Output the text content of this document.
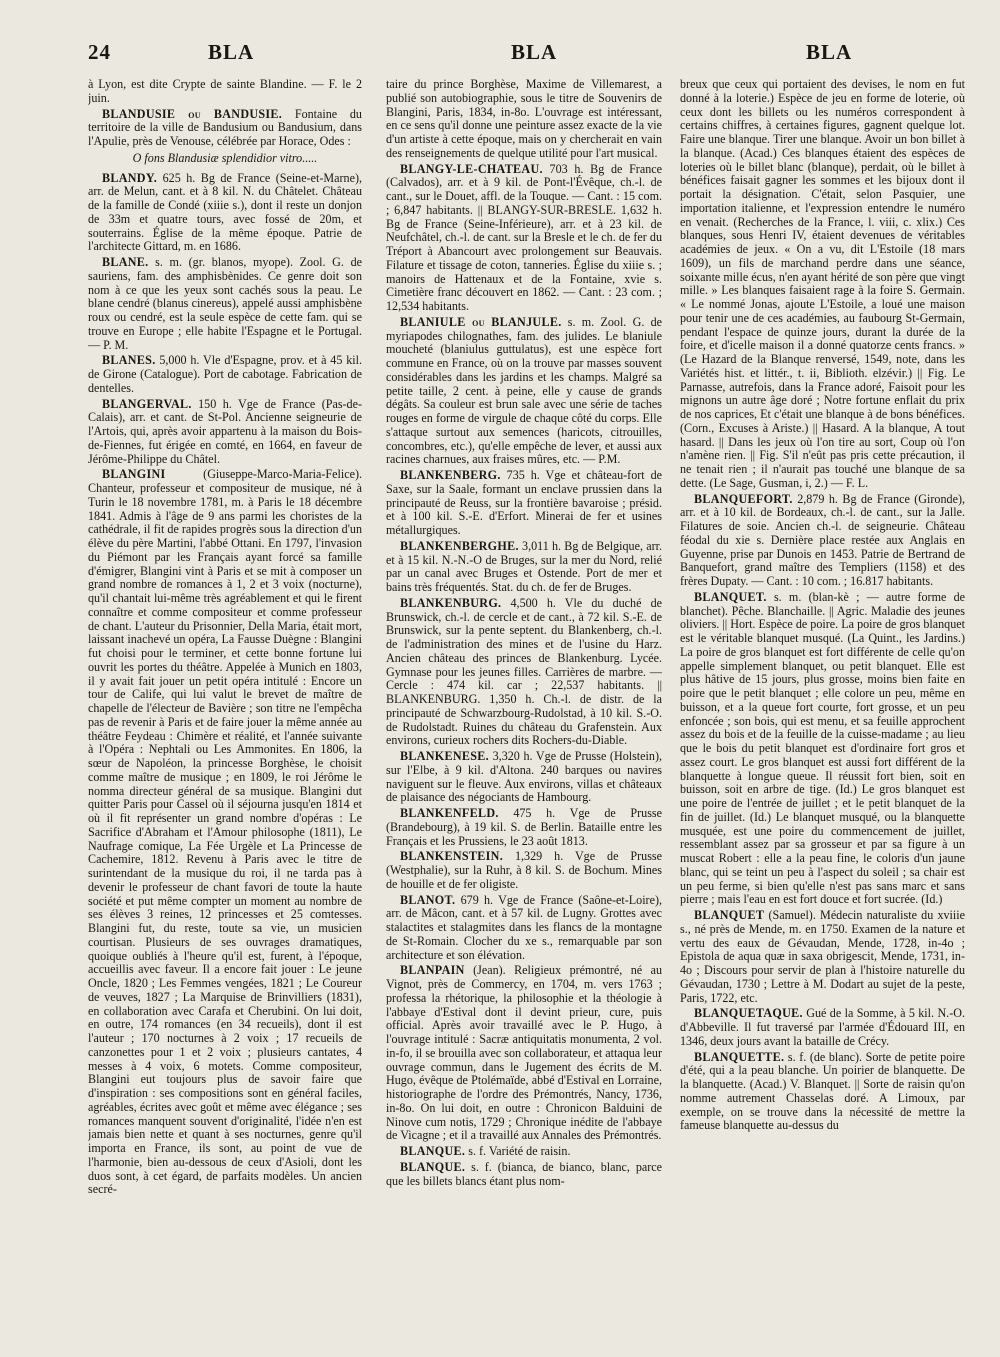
24	BLA	BLA	BLA

à Lyon, est dite Crypte de sainte Blandine. — F. le 2 juin.

BLANDUSIE ou BANDUSIE. Fontaine du territoire de la ville de Bandusium ou Bandusium, dans l'Apulie, près de Venouse, célébrée par Horace, Odes :

O fons Blandusiæ splendidior vitro.....

BLANDY. 625 h. Bg de France (Seine-et-Marne), arr. de Melun, cant. et à 8 kil. N. du Châtelet. Château de la famille de Condé (xiiie s.), dont il reste un donjon de 33m et quatre tours, avec fossé de 20m, et souterrains. Église de la même époque. Patrie de l'architecte Gittard, m. en 1686.

BLANE. s. m. (gr. blanos, myope). Zool. G. de sauriens, fam. des amphisbènides. Ce genre doit son nom à ce que les yeux sont cachés sous la peau. Le blane cendré (blanus cinereus), appelé aussi amphisbène roux ou cendré, est la seule espèce de cette fam. qui se trouve en Europe ; elle habite l'Espagne et le Portugal. — P. M.

BLANES. 5,000 h. Vle d'Espagne, prov. et à 45 kil. de Girone (Catalogue). Port de cabotage. Fabrication de dentelles.

BLANGERVAL. 150 h. Vge de France (Pas-de-Calais), arr. et cant. de St-Pol. Ancienne seigneurie de l'Artois, qui, après avoir appartenu à la maison du Bois-de-Fiennes, fut érigée en comté, en 1664, en faveur de Jérôme-Philippe du Châtel.

BLANGINI	(Giuseppe-Marco-Maria-Felice). Chanteur, professeur et compositeur de musique, né à Turin le 18 novembre 1781, m. à Paris le 18 décembre 1841. Admis à l'âge de 9 ans parmi les choristes de la cathédrale, il fit de rapides progrès sous la direction d'un élève du père Martini, l'abbé Ottani. En 1797, l'invasion du Piémont par les Français ayant forcé sa famille d'émigrer, Blangini vint à Paris et se mit à composer un grand nombre de romances à 1, 2 et 3 voix (nocturne), qu'il chantait lui-même très agréablement et qui le firent connaître et comme compositeur et comme professeur de chant. L'auteur du Prisonnier, Della Maria, était mort, laissant inachevé un opéra, La Fausse Duègne : Blangini fut choisi pour le terminer, et cette bonne fortune lui ouvrit les portes du théâtre. Appelée à Munich en 1803, il y avait fait jouer un petit opéra intitulé : Encore un tour de Calife, qui lui valut le brevet de maître de chapelle de l'électeur de Bavière ; son titre ne l'empêcha pas de revenir à Paris et de faire jouer la même année au théâtre Feydeau : Chimère et réalité, et l'année suivante à l'Opéra : Nephtali ou Les Ammonites. En 1806, la sœur de Napoléon, la princesse Borghèse, le choisit comme maître de musique ; en 1809, le roi Jérôme le nomma directeur général de sa musique. Blangini dut quitter Paris pour Cassel où il séjourna jusqu'en 1814 et où il fit représenter un grand nombre d'opéras : Le Sacrifice d'Abraham et l'Amour philosophe (1811), Le Naufrage comique, La Fée Urgèle et La Princesse de Cachemire, 1812. Revenu à Paris avec le titre de surintendant de la musique du roi, il ne tarda pas à devenir le professeur de chant favori de toute la haute société et put même compter un moment au nombre de ses élèves 3 reines, 12 princesses et 25 comtesses. Blangini fut, du reste, toute sa vie, un musicien courtisan. Plusieurs de ses ouvrages dramatiques, quoique oubliés à l'heure qu'il est, furent, à l'époque, accueillis avec faveur. Il a encore fait jouer : Le jeune Oncle, 1820 ; Les Femmes vengées, 1821 ; Le Coureur de veuves, 1827 ; La Marquise de Brinvilliers (1831), en collaboration avec Carafa et Cherubini. On lui doit, en outre, 174 romances (en 34 recueils), dont il est l'auteur ; 170 nocturnes à 2 voix ; 17 recueils de canzonettes pour 1 et 2 voix ; plusieurs cantates, 4 messes à 4 voix, 6 motets. Comme compositeur, Blangini eut toujours plus de savoir faire que d'inspiration : ses compositions sont en général faciles, agréables, écrites avec goût et même avec élégance ; ses romances manquent souvent d'originalité, l'idée n'en est jamais bien nette et quant à ses nocturnes, genre qu'il importa en France, ils sont, au point de vue de l'harmonie, bien au-dessous de ceux d'Asioli, dont les duos sont, à cet égard, de parfaits modèles. Un ancien secré-

taire du prince Borghèse, Maxime de Villemarest, a publié son autobiographie, sous le titre de Souvenirs de Blangini, Paris, 1834, in-8o. L'ouvrage est intéressant, en ce sens qu'il donne une peinture assez exacte de la vie d'un artiste à cette époque, mais on y chercherait en vain des renseignements de quelque utilité pour l'art musical.

BLANGY-LE-CHATEAU. 703 h. Bg de France (Calvados), arr. et à 9 kil. de Pont-l'Évêque, ch.-l. de cant., sur le Douet, affl. de la Touque. — Cant. : 15 com. ; 6,847 habitants. || BLANGY-SUR-BRESLE. 1,632 h. Bg de France (Seine-Inférieure), arr. et à 23 kil. de Neufchâtel, ch.-l. de cant. sur la Bresle et le ch. de fer du Tréport à Abancourt avec prolongement sur Beauvais. Filature et tissage de coton, tanneries. Église du xiiie s. ; manoirs de Hattenaux et de la Fontaine, xvie s. Cimetière franc découvert en 1862. — Cant. : 23 com. ; 12,534 habitants.

BLANIULE ou BLANJULE. s. m. Zool. G. de myriapodes chilognathes, fam. des julides. Le blaniule moucheté (blaniulus guttulatus), est une espèce fort commune en France, où on la trouve par masses souvent considérables dans les jardins et les champs. Malgré sa petite taille, 2 cent. à peine, elle y cause de grands dégâts. Sa couleur est brun sale avec une série de taches rouges en forme de virgule de chaque côté du corps. Elle s'attaque surtout aux semences (haricots, citrouilles, concombres, etc.), qu'elle empêche de lever, et aussi aux racines charnues, aux fraises mûres, etc. — P.M.

BLANKENBERG. 735 h. Vge et château-fort de Saxe, sur la Saale, formant un enclave prussien dans la principauté de Reuss, sur la frontière bavaroise ; présid. et à 100 kil. S.-E. d'Erfort. Minerai de fer et usines métallurgiques.

BLANKENBERGHE. 3,011 h. Bg de Belgique, arr. et à 15 kil. N.-N.-O de Bruges, sur la mer du Nord, relié par un canal avec Bruges et Ostende. Port de mer et bains très fréquentés. Stat. du ch. de fer de Bruges.

BLANKENBURG. 4,500 h. Vle du duché de Brunswick, ch.-l. de cercle et de cant., à 72 kil. S.-E. de Brunswick, sur la pente septent. du Blankenberg, ch.-l. de l'administration des mines et de l'usine du Harz. Ancien château des princes de Blankenburg. Lycée. Gymnase pour les jeunes filles. Carrières de marbre. — Cercle : 474 kil. car ; 22,537 habitants. || BLANKENBURG. 1,350 h. Ch.-l. de distr. de la principauté de Schwarzbourg-Rudolstad, à 10 kil. S.-O. de Rudolstadt. Ruines du château du Grafenstein. Aux environs, curieux rochers dits Rochers-du-Diable.

BLANKENESE. 3,320 h. Vge de Prusse (Holstein), sur l'Elbe, à 9 kil. d'Altona. 240 barques ou navires naviguent sur le fleuve. Aux environs, villas et châteaux de plaisance des négociants de Hambourg.

BLANKENFELD. 475 h. Vge de Prusse (Brandebourg), à 19 kil. S. de Berlin. Bataille entre les Français et les Prussiens, le 23 août 1813.

BLANKENSTEIN. 1,329 h. Vge de Prusse (Westphalie), sur la Ruhr, à 8 kil. S. de Bochum. Mines de houille et de fer oligiste.

BLANOT. 679 h. Vge de France (Saône-et-Loire), arr. de Mâcon, cant. et à 57 kil. de Lugny. Grottes avec stalactites et stalagmites dans les flancs de la montagne de St-Romain. Clocher du xe s., remarquable par son architecture et son élévation.

BLANPAIN (Jean). Religieux prémontré, né au Vignot, près de Commercy, en 1704, m. vers 1763 ; professa la rhétorique, la philosophie et la théologie à l'abbaye d'Estival dont il devint prieur, cure, puis official. Après avoir travaillé avec le P. Hugo, à l'ouvrage intitulé : Sacræ antiquitatis monumenta, 2 vol. in-fo, il se brouilla avec son collaborateur, et attaqua leur ouvrage commun, dans le Jugement des écrits de M. Hugo, évêque de Ptolémaïde, abbé d'Estival en Lorraine, historiographe de l'ordre des Prémontrés, Nancy, 1736, in-8o. On lui doit, en outre : Chronicon Balduini de Ninove cum notis, 1729 ; Chronique inédite de l'abbaye de Vicagne ; et il a travaillé aux Annales des Prémontrés.

BLANQUE. s. f. Variété de raisin.

BLANQUE. s. f. (bianca, de bianco, blanc, parce que les billets blancs étant plus nom-

breux que ceux qui portaient des devises, le nom en fut donné à la loterie.) Espèce de jeu en forme de loterie, où ceux dont les billets ou les numéros correspondent à certains chiffres, à certaines figures, gagnent quelque lot. Faire une blanque. Tirer une blanque. Avoir un bon billet à la blanque. (Acad.) Ces blanques étaient des espèces de loteries où le billet blanc (blanque), perdait, où le billet à bénéfices faisait gagner les sommes et les bijoux dont il portait la désignation. C'était, selon Pasquier, une importation italienne, et l'expression entendre le numéro en venait. (Recherches de la France, l. viii, c. xlix.) Ces blanques, sous Henri IV, étaient devenues de véritables académies de jeux. « On a vu, dit L'Estoile (18 mars 1609), un fils de marchand perdre dans une séance, soixante mille écus, n'en ayant hérité de son père que vingt mille. » Les blanques faisaient rage à la foire S. Germain. « Le nommé Jonas, ajoute L'Estoile, a loué une maison pour tenir une de ces académies, au faubourg St-Germain, pendant l'espace de quinze jours, durant la durée de la foire, et d'icelle maison il a donné quatorze cents francs. » (Le Hazard de la Blanque renversé, 1549, note, dans les Variétés hist. et littér., t. ii, Biblioth. elzévir.) || Fig. Le Parnasse, autrefois, dans la France adoré, Faisoit pour les mignons un autre âge doré ; Notre fortune enflait du prix de nos caprices, Et c'était une blanque à de bons bénéfices. (Corn., Excuses à Ariste.) || Hasard. A la blanque, A tout hasard. || Dans les jeux où l'on tire au sort, Coup où l'on n'amène rien. || Fig. S'il n'eût pas pris cette précaution, il ne tenait rien ; il n'aurait pas touché une blanque de sa dette. (Le Sage, Gusman, i, 2.) — F. L.

BLANQUEFORT. 2,879 h. Bg de France (Gironde), arr. et à 10 kil. de Bordeaux, ch.-l. de cant., sur la Jalle. Filatures de soie. Ancien ch.-l. de seigneurie. Château féodal du xie s. Dernière place restée aux Anglais en Guyenne, prise par Dunois en 1453. Patrie de Bertrand de Banquefort, grand maître des Templiers (1158) et des frères Dupaty. — Cant. : 10 com. ; 16.817 habitants.

BLANQUET. s. m. (blan-kè ; — autre forme de blanchet). Pêche. Blanchaille. || Agric. Maladie des jeunes oliviers. || Hort. Espèce de poire. La poire de gros blanquet est le véritable blanquet musqué. (La Quint., les Jardins.) La poire de gros blanquet est fort différente de celle qu'on appelle simplement blanquet, ou petit blanquet. Elle est plus hâtive de 15 jours, plus grosse, moins bien faite en poire que le petit blanquet ; elle colore un peu, même en buisson, et a la queue fort courte, fort grosse, et un peu enfoncée ; son bois, qui est menu, et sa feuille approchent assez du bois et de la feuille de la cuisse-madame ; au lieu que le bois du petit blanquet est d'ordinaire fort gros et assez court. Le gros blanquet est aussi fort différent de la blanquette à longue queue. Il réussit fort bien, soit en buisson, soit en arbre de tige. (Id.) Le gros blanquet est une poire de l'entrée de juillet ; et le petit blanquet de la fin de juillet. (Id.) Le blanquet musqué, ou la blanquette musquée, est une poire du commencement de juillet, ressemblant assez par sa grosseur et par sa figure à un muscat Robert : elle a la peau fine, le coloris d'un jaune blanc, qui se teint un peu à l'aspect du soleil ; sa chair est un peu ferme, si bien qu'elle n'est pas sans marc et sans pierre ; mais l'eau en est fort douce et fort sucrée. (Id.)

BLANQUET (Samuel). Médecin naturaliste du xviiie s., né près de Mende, m. en 1750. Examen de la nature et vertu des eaux de Gévaudan, Mende, 1728, in-4o ; Epistola de aqua quæ in saxa obrigescit, Mende, 1731, in-4o ; Discours pour servir de plan à l'histoire naturelle du Gévaudan, 1730 ; Lettre à M. Dodart au sujet de la peste, Paris, 1722, etc.

BLANQUETAQUE. Gué de la Somme, à 5 kil. N.-O. d'Abbeville. Il fut traversé par l'armée d'Édouard III, en 1346, deux jours avant la bataille de Crécy.

BLANQUETTE. s. f. (de blanc). Sorte de petite poire d'été, qui a la peau blanche. Un poirier de blanquette. De la blanquette. (Acad.) V. Blanquet. || Sorte de raisin qu'on nomme autrement Chasselas doré. A Limoux, par exemple, on se trouve dans la nécessité de mettre la fameuse blanquette au-dessus du
